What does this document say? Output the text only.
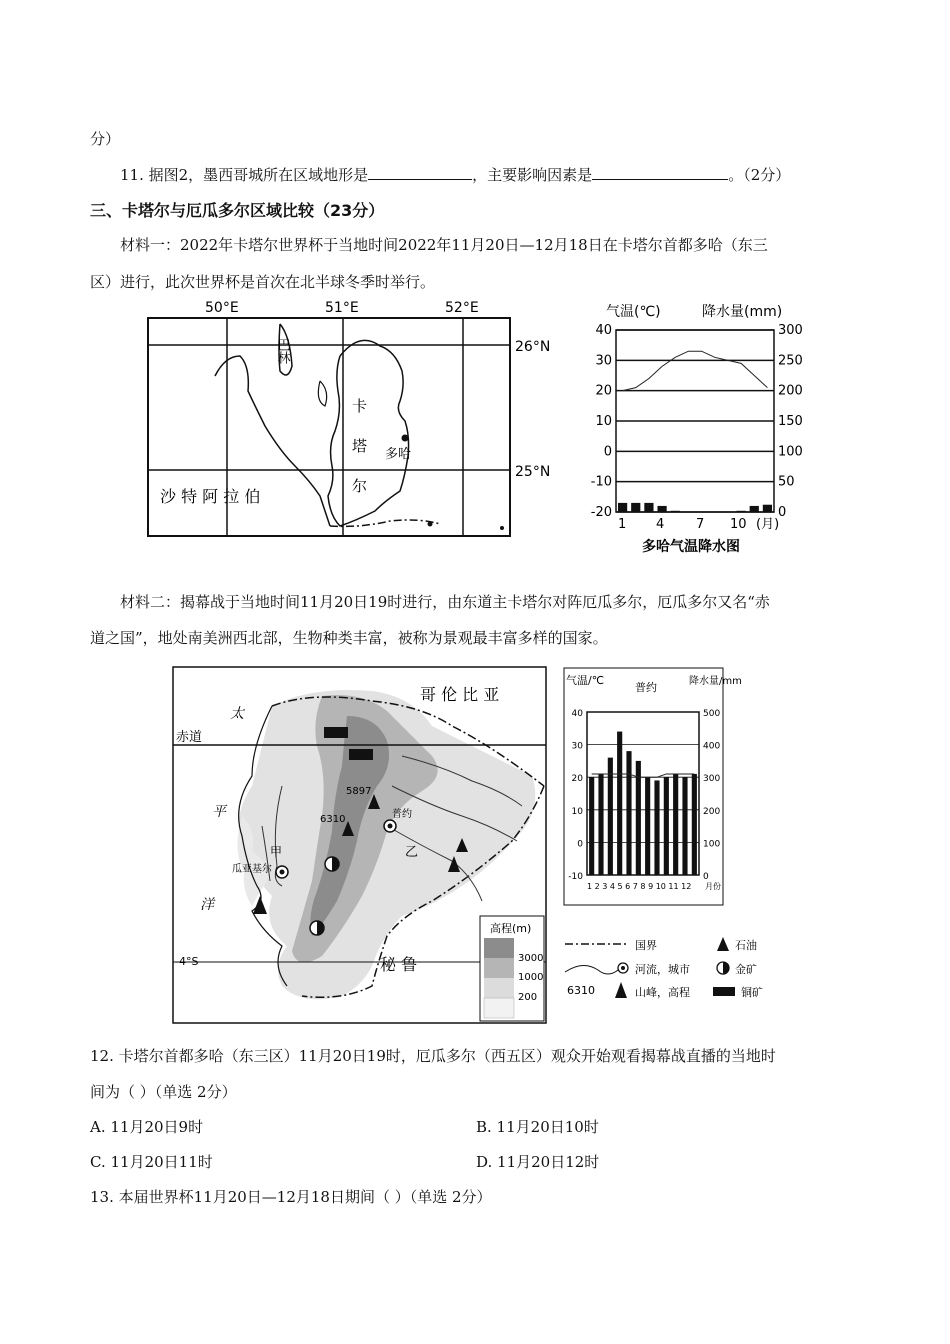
分）
11. 据图2，墨西哥城所在区域地形是	，主要影响因素是	。（2分）
三、卡塔尔与厄瓜多尔区域比较（23分）
材料一：2022年卡塔尔世界杯于当地时间2022年11月20日—12月18日在卡塔尔首都多哈（东三
区）进行，此次世界杯是首次在北半球冬季时举行。
50°E	51°E	52°E
26°N
25°N
巴林
卡
塔
尔
多哈
沙 特 阿 拉 伯
气温(℃)	降水量(mm)
40
30
20
10
0
-10
-20
300
250
200
150
100
50
0
1 4 7 10 (月)
多哈气温降水图
材料二：揭幕战于当地时间11月20日19时进行，由东道主卡塔尔对阵厄瓜多尔，厄瓜多尔又名“赤
道之国”，地处南美洲西北部，生物种类丰富，被称为景观最丰富多样的国家。
哥 伦 比 亚
赤道
太
平
洋
5897
6310	普约
甲	乙
瓜亚基尔
-4°S	秘 鲁
高程(m)
3000
1000
200
气温/℃
普约	降水量/mm
40
30
20
10
0
-10
500
400
300
200
100
0
1 2 3 4 5 6 7 8 9 10 11 12 月份
国界	石油
河流，城市	金矿
6310	山峰，高程	铜矿
12. 卡塔尔首都多哈（东三区）11月20日19时，厄瓜多尔（西五区）观众开始观看揭幕战直播的当地时
间为（ ）（单选 2分）
A. 11月20日9时	B. 11月20日10时
C. 11月20日11时	D. 11月20日12时
13. 本届世界杯11月20日—12月18日期间（ ）（单选 2分）
